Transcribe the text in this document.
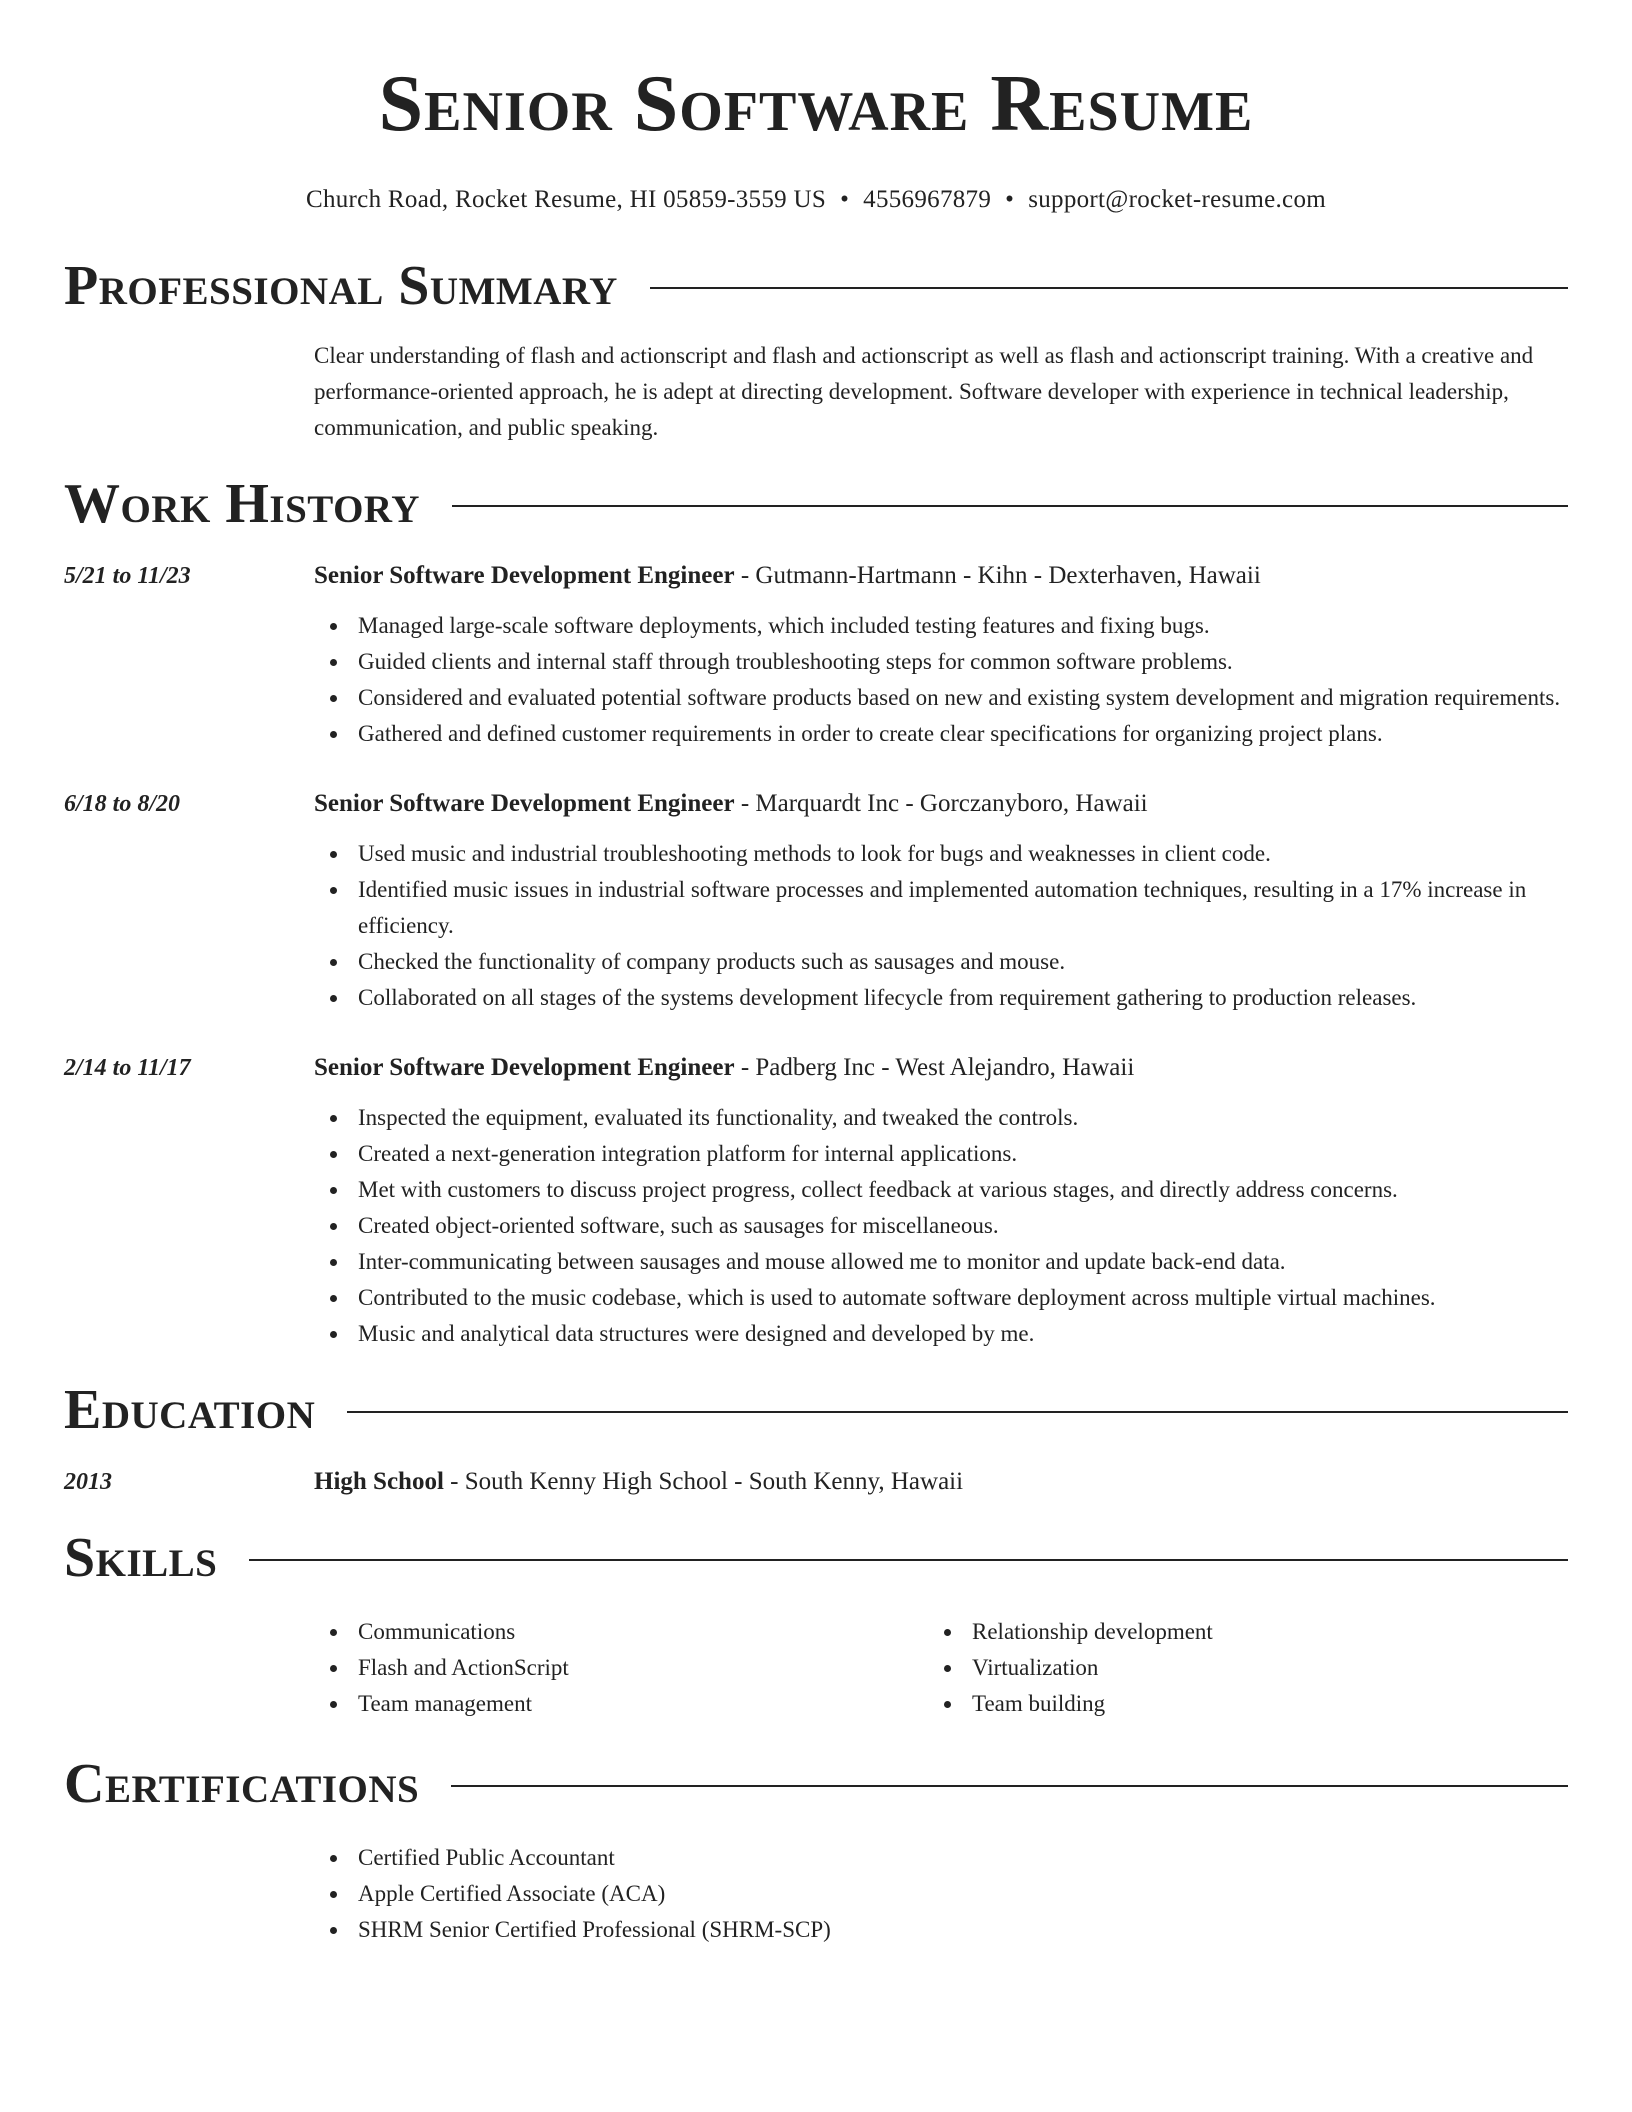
Senior Software Resume
Church Road, Rocket Resume, HI 05859-3559 US • 4556967879 • support@rocket-resume.com
Professional Summary

Clear understanding of flash and actionscript and flash and actionscript as well as flash and actionscript training. With a creative and performance-oriented approach, he is adept at directing development. Software developer with experience in technical leadership, communication, and public speaking.

Work History
5/21 to 11/23	Senior Software Development Engineer - Gutmann-Hartmann - Kihn - Dexterhaven, Hawaii
Managed large-scale software deployments, which included testing features and fixing bugs.
Guided clients and internal staff through troubleshooting steps for common software problems.
Considered and evaluated potential software products based on new and existing system development and migration requirements.
Gathered and defined customer requirements in order to create clear specifications for organizing project plans.
6/18 to 8/20	Senior Software Development Engineer - Marquardt Inc - Gorczanyboro, Hawaii
Used music and industrial troubleshooting methods to look for bugs and weaknesses in client code.
Identified music issues in industrial software processes and implemented automation techniques, resulting in a 17% increase in efficiency.
Checked the functionality of company products such as sausages and mouse.
Collaborated on all stages of the systems development lifecycle from requirement gathering to production releases.
2/14 to 11/17	Senior Software Development Engineer - Padberg Inc - West Alejandro, Hawaii
Inspected the equipment, evaluated its functionality, and tweaked the controls.
Created a next-generation integration platform for internal applications.
Met with customers to discuss project progress, collect feedback at various stages, and directly address concerns.
Created object-oriented software, such as sausages for miscellaneous.
Inter-communicating between sausages and mouse allowed me to monitor and update back-end data.
Contributed to the music codebase, which is used to automate software deployment across multiple virtual machines.
Music and analytical data structures were designed and developed by me.
Education
2013	High School - South Kenny High School - South Kenny, Hawaii
Skills
Communications
Flash and ActionScript
Team management
Relationship development
Virtualization
Team building
Certifications
Certified Public Accountant
Apple Certified Associate (ACA)
SHRM Senior Certified Professional (SHRM-SCP)
